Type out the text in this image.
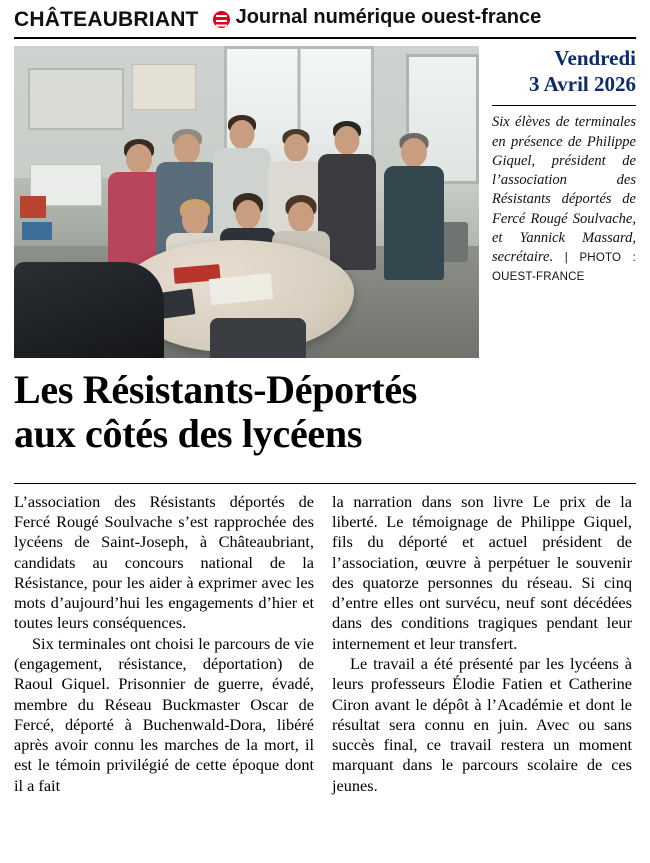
CHÂTEAUBRIANT Journal numérique ouest-france
Vendredi
3 Avril 2026
Six élèves de terminales en présence de Philippe Giquel, président de l’association des Résistants déportés de Fercé Rougé Soulvache, et Yannick Massard, secrétaire. | PHOTO : OUEST-FRANCE
Les Résistants-Déportés
aux côtés des lycéens

L’association des Résistants déportés de Fercé Rougé Soulvache s’est rapprochée des lycéens de Saint-Joseph, à Châteaubriant, candidats au concours national de la Résistance, pour les aider à exprimer avec les mots d’aujourd’hui les engagements d’hier et toutes leurs conséquences.

Six terminales ont choisi le parcours de vie (engagement, résistance, déportation) de Raoul Giquel. Prisonnier de guerre, évadé, membre du Réseau Buckmaster Oscar de Fercé, déporté à Buchenwald-Dora, libéré après avoir connu les marches de la mort, il est le témoin privilégié de cette époque dont il a fait

la narration dans son livre Le prix de la liberté. Le témoignage de Philippe Giquel, fils du déporté et actuel président de l’association, œuvre à perpétuer le souvenir des quatorze personnes du réseau. Si cinq d’entre elles ont survécu, neuf sont décédées dans des conditions tragiques pendant leur internement et leur transfert.

Le travail a été présenté par les lycéens à leurs professeurs Élodie Fatien et Catherine Ciron avant le dépôt à l’Académie et dont le résultat sera connu en juin. Avec ou sans succès final, ce travail restera un moment marquant dans le parcours scolaire de ces jeunes.
